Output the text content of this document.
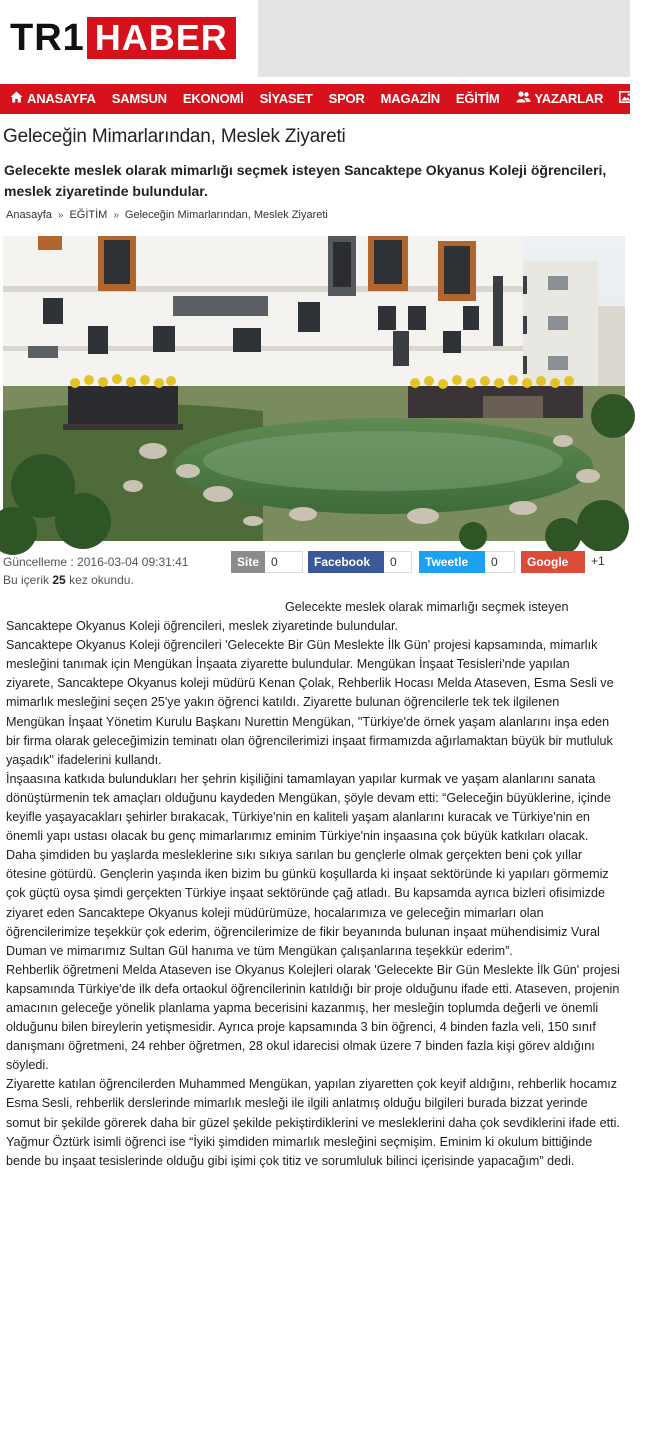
TR1 HABER
ANASAYFA SAMSUN EKONOMİ SİYASET SPOR MAGAZİN EĞİTİM	YAZARLAR	G
Geleceğin Mimarlarından, Meslek Ziyareti
Gelecekte meslek olarak mimarlığı seçmek isteyen Sancaktepe Okyanus Koleji öğrencileri, meslek ziyaretinde bulundular.
Anasayfa » EĞİTİM » Geleceğin Mimarlarından, Meslek Ziyareti
Güncelleme : 2016-03-04 09:31:41
Bu içerik 25 kez okundu.
Site	0	Facebook	0	Tweetle	0	Google	+1

Gelecekte meslek olarak mimarlığı seçmek isteyen Sancaktepe Okyanus Koleji öğrencileri, meslek ziyaretinde bulundular.

Sancaktepe Okyanus Koleji öğrencileri 'Gelecekte Bir Gün Meslekte İlk Gün' projesi kapsamında, mimarlık mesleğini tanımak için Mengükan İnşaata ziyarette bulundular. Mengükan İnşaat Tesisleri'nde yapılan ziyarete, Sancaktepe Okyanus koleji müdürü Kenan Çolak, Rehberlik Hocası Melda Ataseven, Esma Sesli ve mimarlık mesleğini seçen 25'ye yakın öğrenci katıldı. Ziyarette bulunan öğrencilerle tek tek ilgilenen Mengükan İnşaat Yönetim Kurulu Başkanı Nurettin Mengükan, "Türkiye'de örnek yaşam alanlarını inşa eden bir firma olarak geleceğimizin teminatı olan öğrencilerimizi inşaat firmamızda ağırlamaktan büyük bir mutluluk yaşadık" ifadelerini kullandı.

İnşaasına katkıda bulundukları her şehrin kişiliğini tamamlayan yapılar kurmak ve yaşam alanlarını sanata dönüştürmenin tek amaçları olduğunu kaydeden Mengükan, şöyle devam etti: “Geleceğin büyüklerine, içinde keyifle yaşayacakları şehirler bırakacak, Türkiye'nin en kaliteli yaşam alanlarını kuracak ve Türkiye'nin en önemli yapı ustası olacak bu genç mimarlarımız eminim Türkiye'nin inşaasına çok büyük katkıları olacak. Daha şimdiden bu yaşlarda mesleklerine sıkı sıkıya sarılan bu gençlerle olmak gerçekten beni çok yıllar ötesine götürdü. Gençlerin yaşında iken bizim bu günkü koşullarda ki inşaat sektöründe ki yapıları görmemiz çok güçtü oysa şimdi gerçekten Türkiye inşaat sektöründe çağ atladı. Bu kapsamda ayrıca bizleri ofisimizde ziyaret eden Sancaktepe Okyanus koleji müdürümüze, hocalarımıza ve geleceğin mimarları olan öğrencilerimize teşekkür çok ederim, öğrencilerimize de fikir beyanında bulunan inşaat mühendisimiz Vural Duman ve mimarımız Sultan Gül hanıma ve tüm Mengükan çalışanlarına teşekkür ederim”.

Rehberlik öğretmeni Melda Ataseven ise Okyanus Kolejleri olarak 'Gelecekte Bir Gün Meslekte İlk Gün' projesi kapsamında Türkiye'de ilk defa ortaokul öğrencilerinin katıldığı bir proje olduğunu ifade etti. Ataseven, projenin amacının geleceğe yönelik planlama yapma becerisini kazanmış, her mesleğin toplumda değerli ve önemli olduğunu bilen bireylerin yetişmesidir. Ayrıca proje kapsamında 3 bin öğrenci, 4 binden fazla veli, 150 sınıf danışmanı öğretmeni, 24 rehber öğretmen, 28 okul idarecisi olmak üzere 7 binden fazla kişi görev aldığını söyledi.

Ziyarette katılan öğrencilerden Muhammed Mengükan, yapılan ziyaretten çok keyif aldığını, rehberlik hocamız Esma Sesli, rehberlik derslerinde mimarlık mesleği ile ilgili anlatmış olduğu bilgileri burada bizzat yerinde somut bir şekilde görerek daha bir güzel şekilde pekiştirdiklerini ve mesleklerini daha çok sevdiklerini ifade etti.

Yağmur Öztürk isimli öğrenci ise “İyiki şimdiden mimarlık mesleğini seçmişim. Eminim ki okulum bittiğinde bende bu inşaat tesislerinde olduğu gibi işimi çok titiz ve sorumluluk bilinci içerisinde yapacağım” dedi.
